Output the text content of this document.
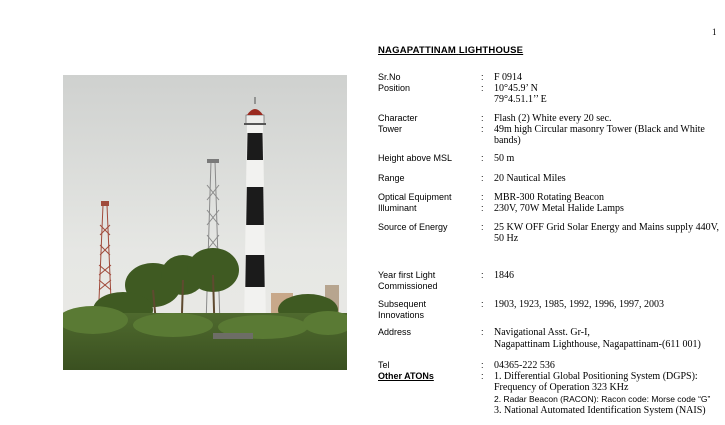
1
NAGAPATTINAM LIGHTHOUSE
Sr.No	: F 0914
Position	: 10°45.9’ N
79°4.51.1’’ E
Character	: Flash (2) White every 20 sec.
Tower	: 49m high Circular masonry Tower (Black and White
bands)
Height above MSL	: 50 m
Range	: 20 Nautical Miles
Optical Equipment	: MBR-300 Rotating Beacon
Illuminant	: 230V, 70W Metal Halide Lamps
Source of Energy	: 25 KW OFF Grid Solar Energy and Mains supply 440V,
50 Hz
Year first Light
Commissioned
: 1846
Subsequent
Innovations
: 1903, 1923, 1985, 1992, 1996, 1997, 2003
Address	: Navigational Asst. Gr-I,
Nagapattinam Lighthouse, Nagapattinam-(611 001)
Tel	: 04365-222 536
Other ATONs	: 1. Differential Global Positioning System (DGPS):
Frequency of Operation 323 KHz
2. Radar Beacon (RACON): Racon code: Morse code “G”
3. National Automated Identification System (NAIS)
